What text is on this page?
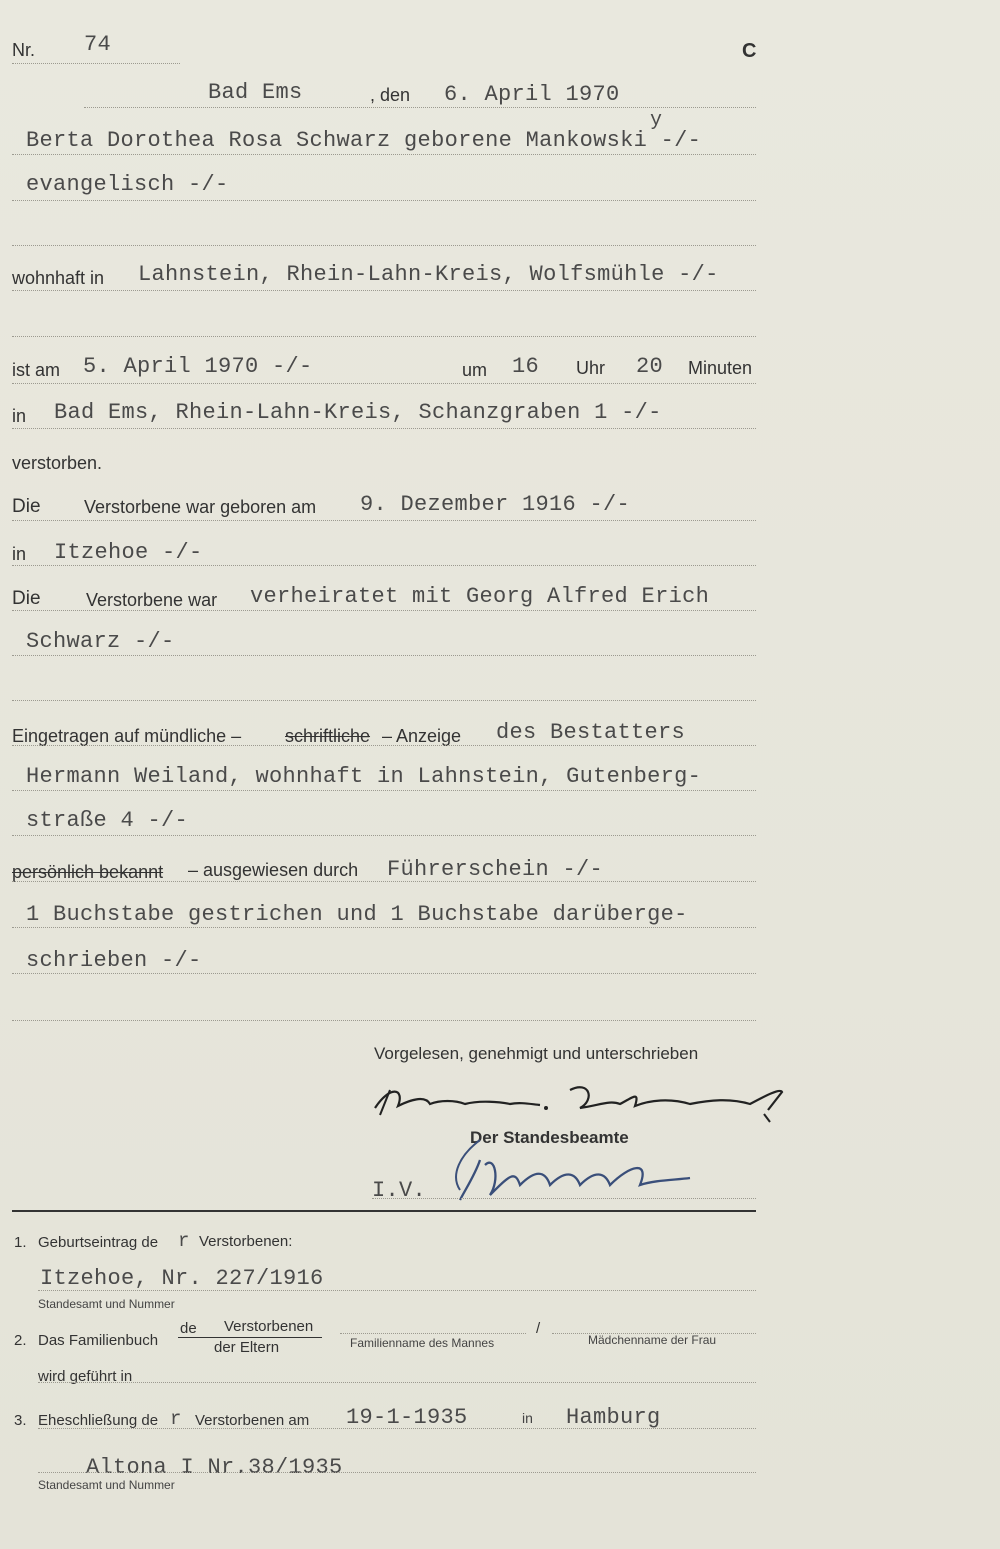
Nr. 74	C
Bad Ems	, den 6. April 1970
y
Berta Dorothea Rosa Schwarz geborene Mankowski -/-
evangelisch -/-
wohnhaft in Lahnstein, Rhein-Lahn-Kreis, Wolfsmühle -/-
ist am 5. April 1970 -/-	um 16 Uhr 20 Minuten
in Bad Ems, Rhein-Lahn-Kreis, Schanzgraben 1 -/-
verstorben.
Die Verstorbene war geboren am 9. Dezember 1916 -/-
in Itzehoe -/-
Die	Verstorbene war verheiratet mit Georg Alfred Erich
Schwarz -/-
Eingetragen auf mündliche – schriftliche – Anzeige des Bestatters
Hermann Weiland, wohnhaft in Lahnstein, Gutenberg-
straße 4 -/-
persönlich bekannt – ausgewiesen durch Führerschein -/-
1 Buchstabe gestrichen und 1 Buchstabe darüberge-
schrieben -/-
Vorgelesen, genehmigt und unterschrieben
Der Standesbeamte
I.V.
1. Geburtseintrag de r Verstorbenen:
Itzehoe, Nr. 227/1916
Standesamt und Nummer
2. Das Familienbuch
de Verstorbenen
der Eltern	Familienname des Mannes
/
Mädchenname der Frau
wird geführt in
3. Eheschließung de r Verstorbenen am 19-1-1935	in Hamburg
Altona I Nr.38/1935
Standesamt und Nummer
